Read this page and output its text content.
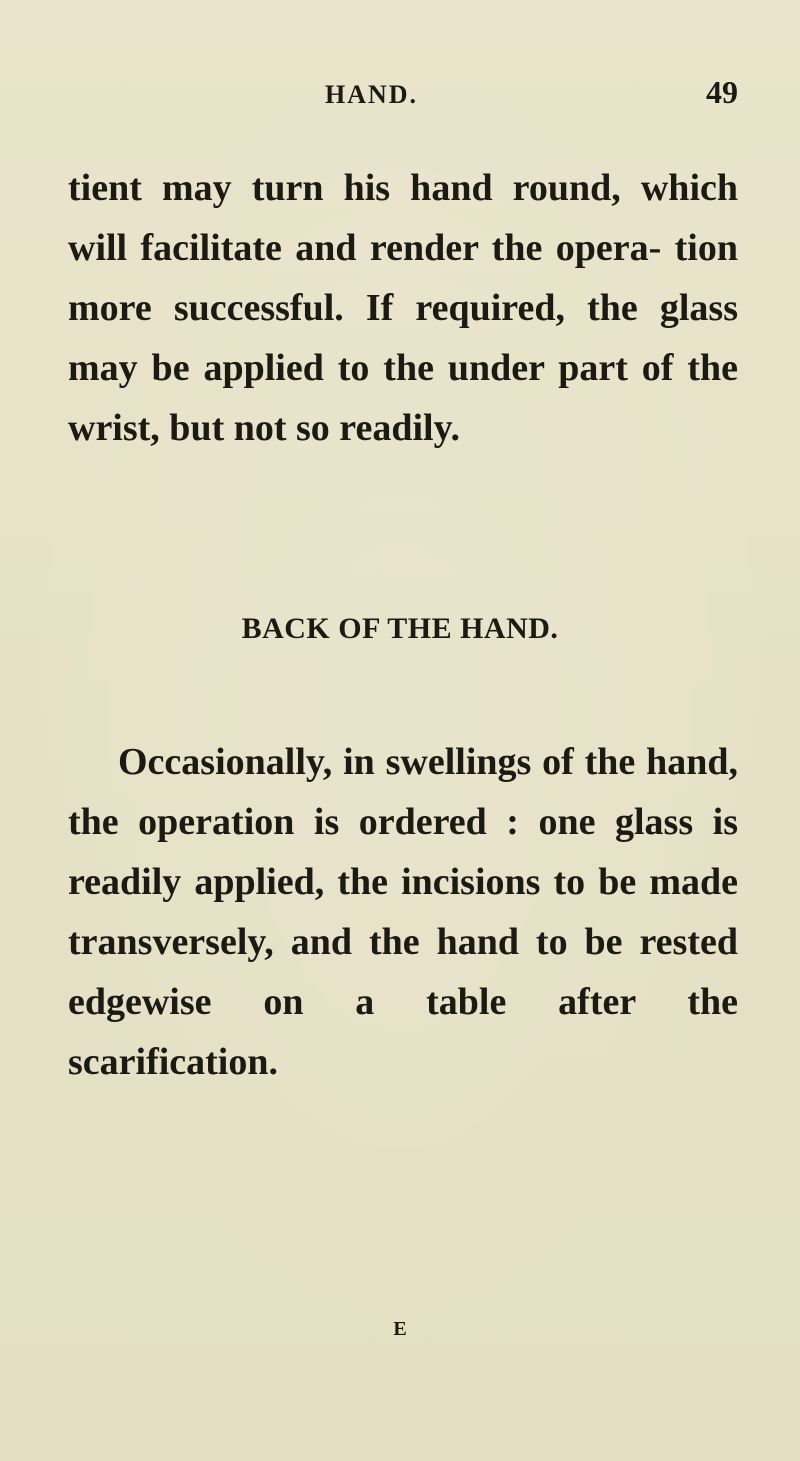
HAND.	49

tient may turn his hand round, which will facilitate and render the opera- tion more successful. If required, the glass may be applied to the under part of the wrist, but not so readily.

BACK OF THE HAND.

Occasionally, in swellings of the hand, the operation is ordered : one glass is readily applied, the incisions to be made transversely, and the hand to be rested edgewise on a table after the scarification.

E
